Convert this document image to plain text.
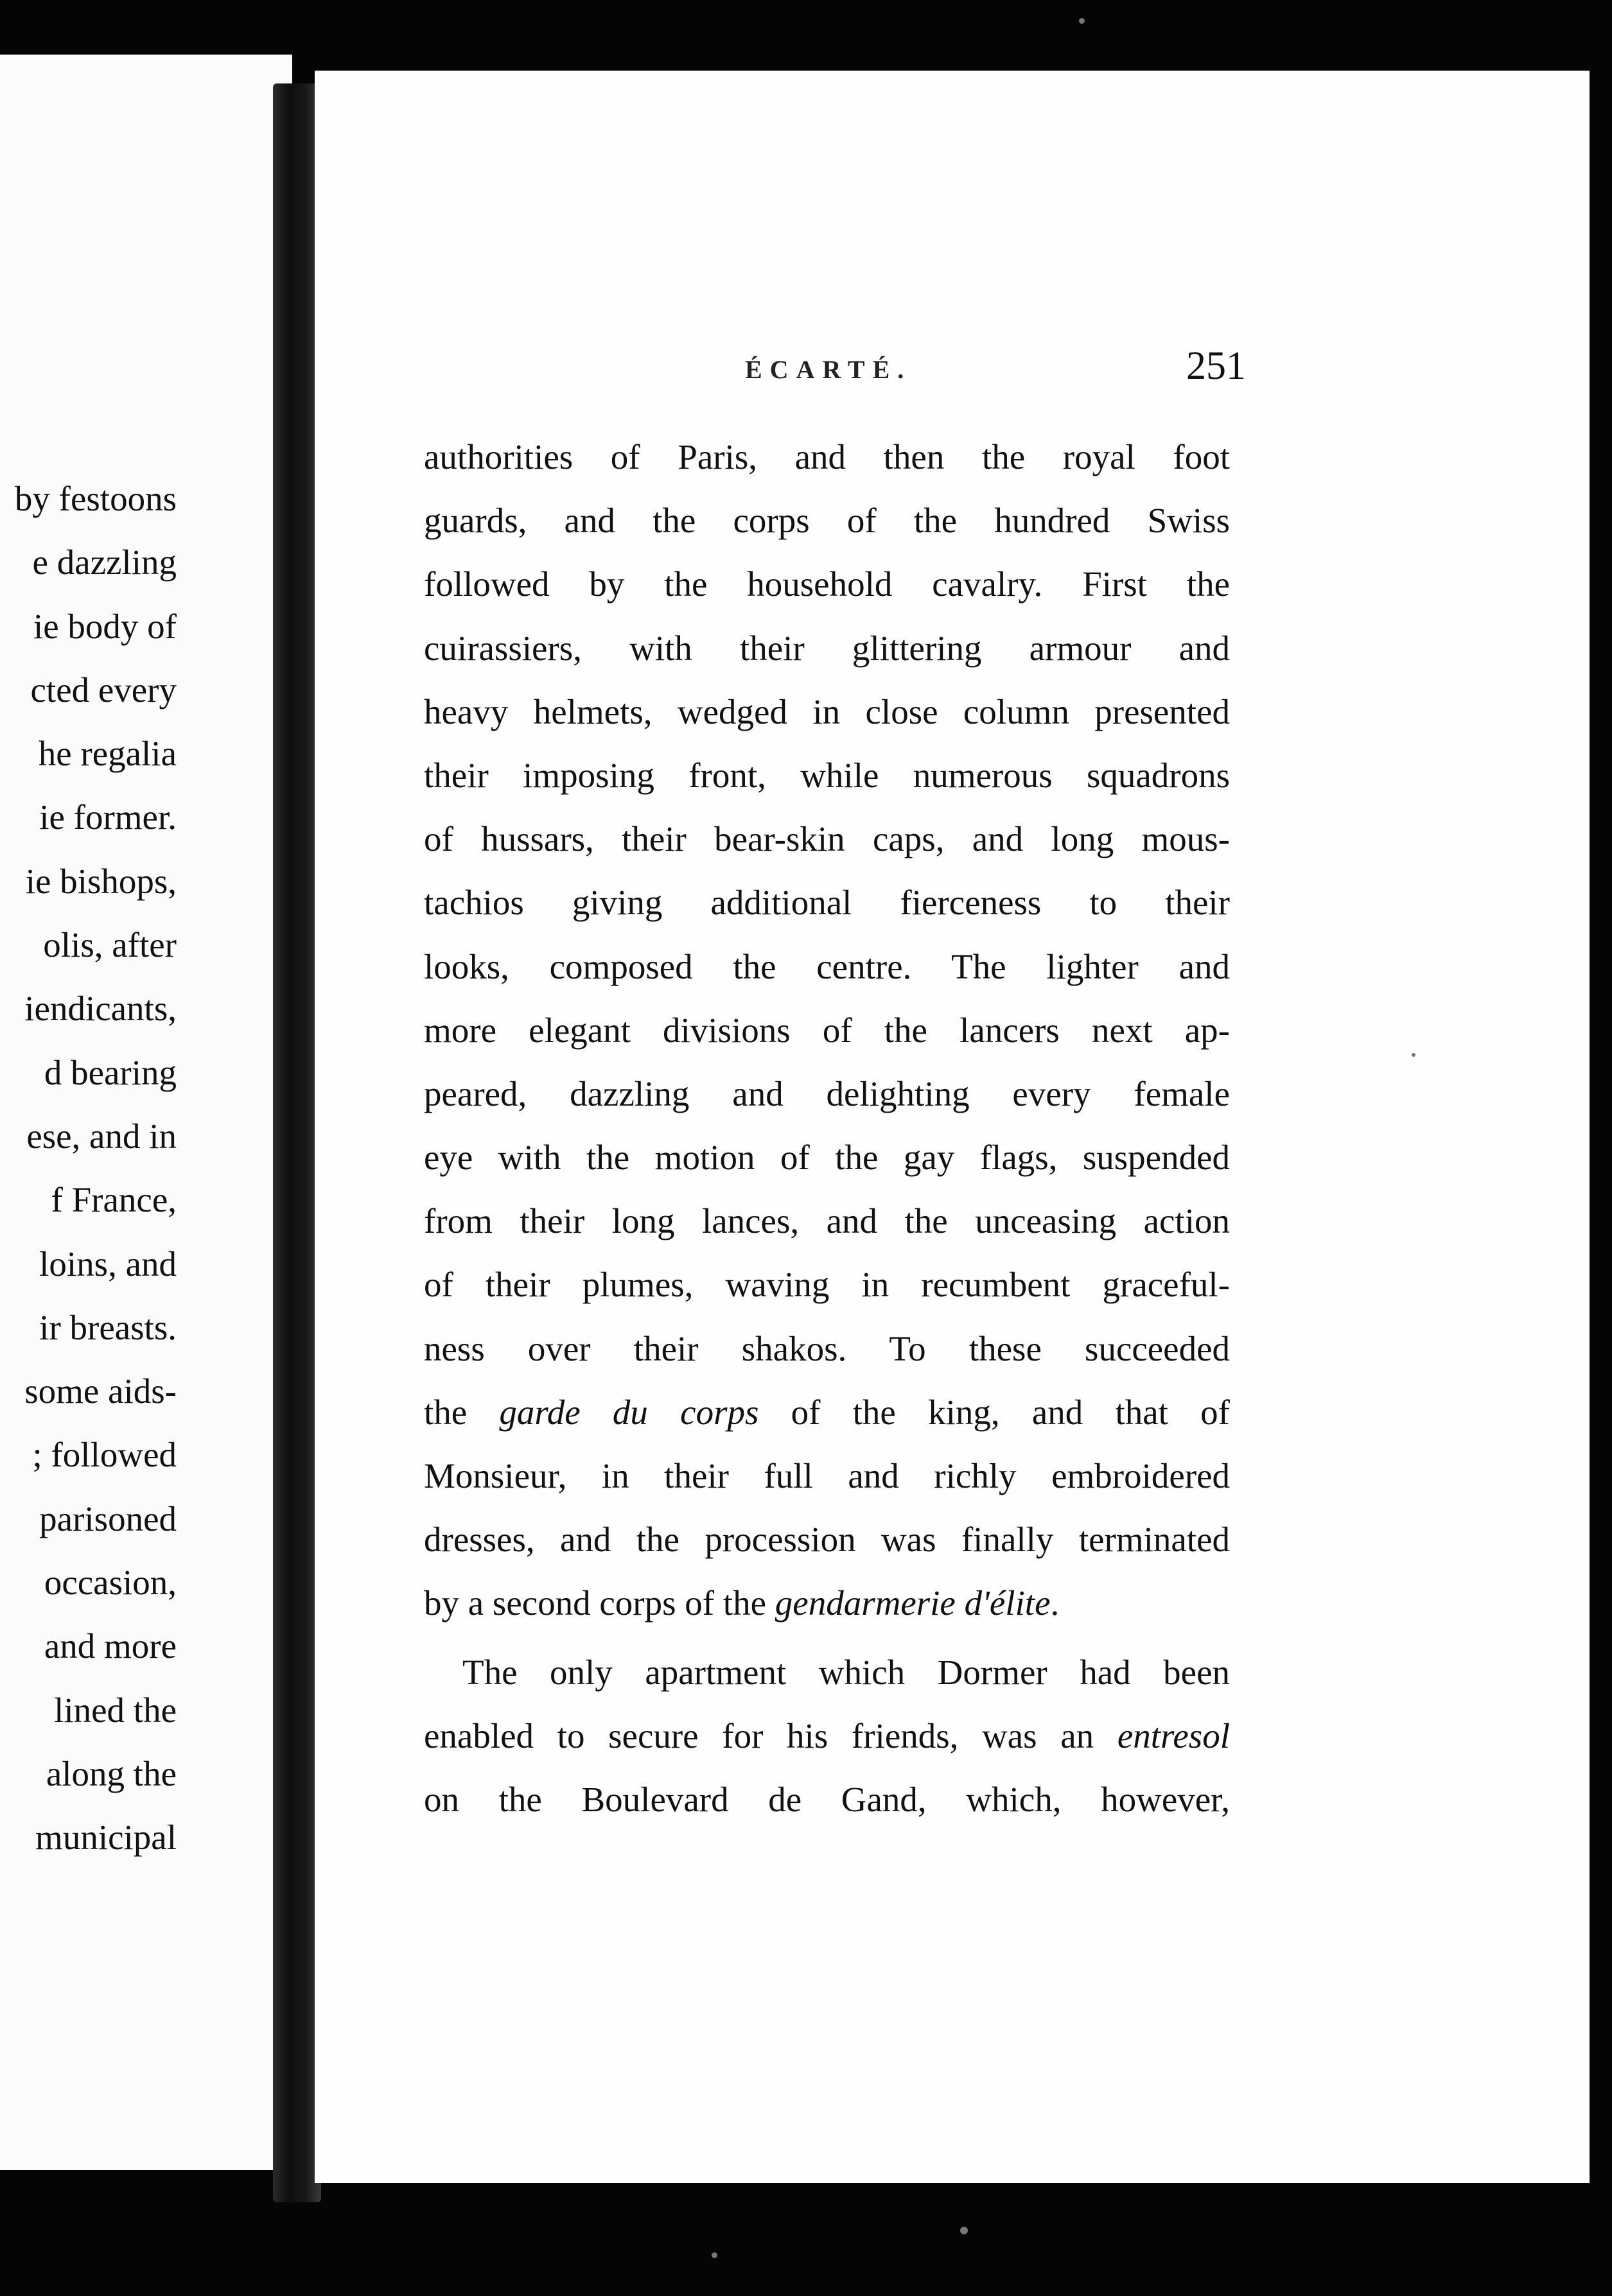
by festoons
e dazzling
ie body of
cted every
he regalia
ie former.
ie bishops,
olis, after
iendicants,
d bearing
ese, and in
f France,
loins, and
ir breasts.
some aids-
; followed
parisoned
occasion,
and more
lined the
along the
municipal
ÉCARTÉ.	251
authorities of Paris, and then the royal foot
guards, and the corps of the hundred Swiss
followed by the household cavalry. First the
cuirassiers, with their glittering armour and
heavy helmets, wedged in close column presented
their imposing front, while numerous squadrons
of hussars, their bear-skin caps, and long mous-
tachios giving additional fierceness to their
looks, composed the centre. The lighter and
more elegant divisions of the lancers next ap-
peared, dazzling and delighting every female
eye with the motion of the gay flags, suspended
from their long lances, and the unceasing action
of their plumes, waving in recumbent graceful-
ness over their shakos. To these succeeded
the garde du corps of the king, and that of
Monsieur, in their full and richly embroidered
dresses, and the procession was finally terminated
by a second corps of the gendarmerie d'élite.
The only apartment which Dormer had been
enabled to secure for his friends, was an entresol
on the Boulevard de Gand, which, however,
